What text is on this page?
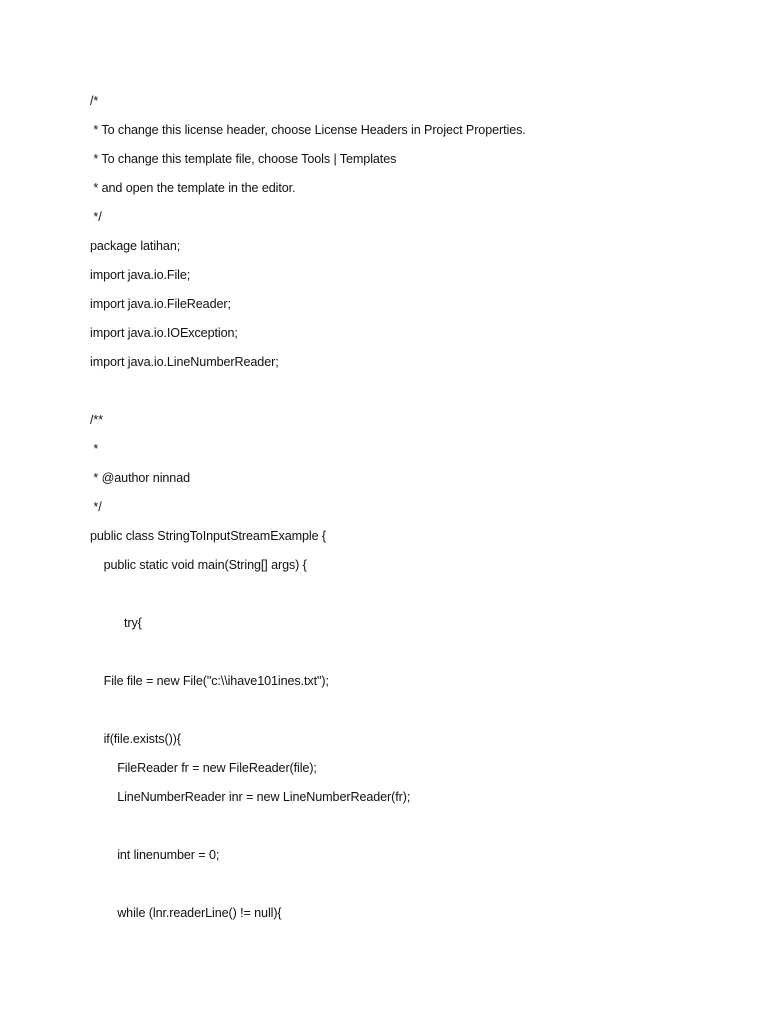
/*
* To change this license header, choose License Headers in Project Properties.
* To change this template file, choose Tools | Templates
* and open the template in the editor.
*/
package latihan;
import java.io.File;
import java.io.FileReader;
import java.io.IOException;
import java.io.LineNumberReader;
/**
*
* @author ninnad
*/
public class StringToInputStreamExample {
public static void main(String[] args) {
try{
File file = new File("c:\\ihave101ines.txt");
if(file.exists()){
FileReader fr = new FileReader(file);
LineNumberReader inr = new LineNumberReader(fr);
int linenumber = 0;
while (lnr.readerLine() != null){
